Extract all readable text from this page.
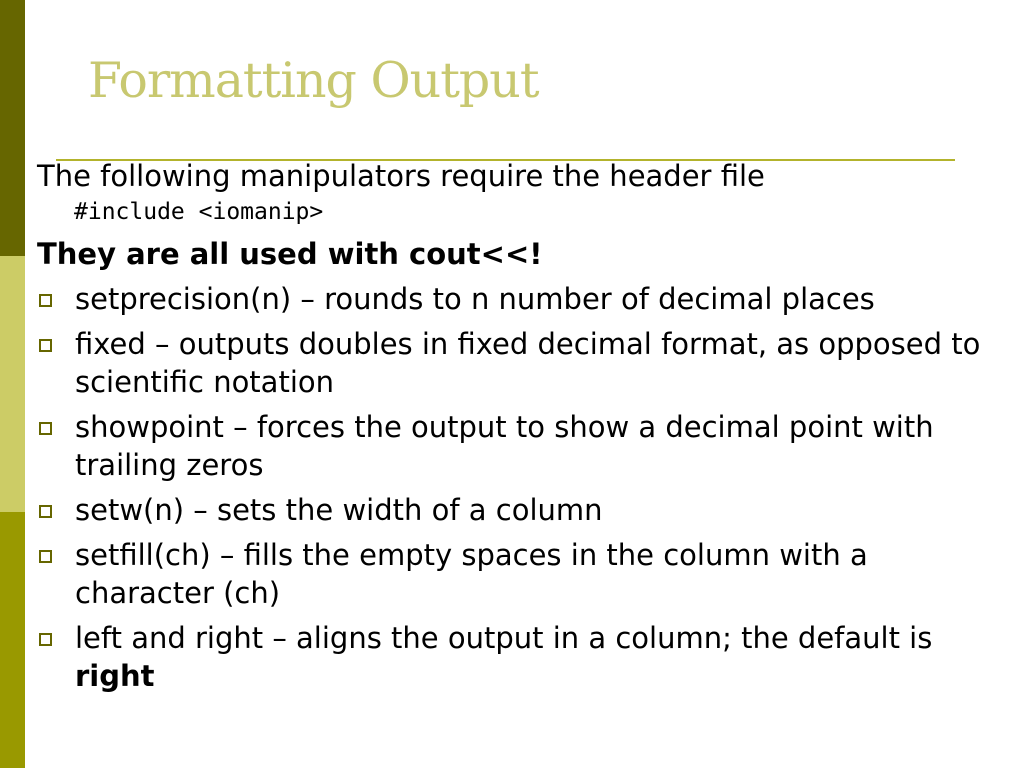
Formatting Output

The following manipulators require the header file
#include <iomanip>

They are all used with cout<<!

setprecision(n) – rounds to n number of decimal places
fixed – outputs doubles in fixed decimal format, as opposed to scientific notation
showpoint – forces the output to show a decimal point with trailing zeros
setw(n) – sets the width of a column
setfill(ch) – fills the empty spaces in the column with a character (ch)
left and right – aligns the output in a column; the default is right
